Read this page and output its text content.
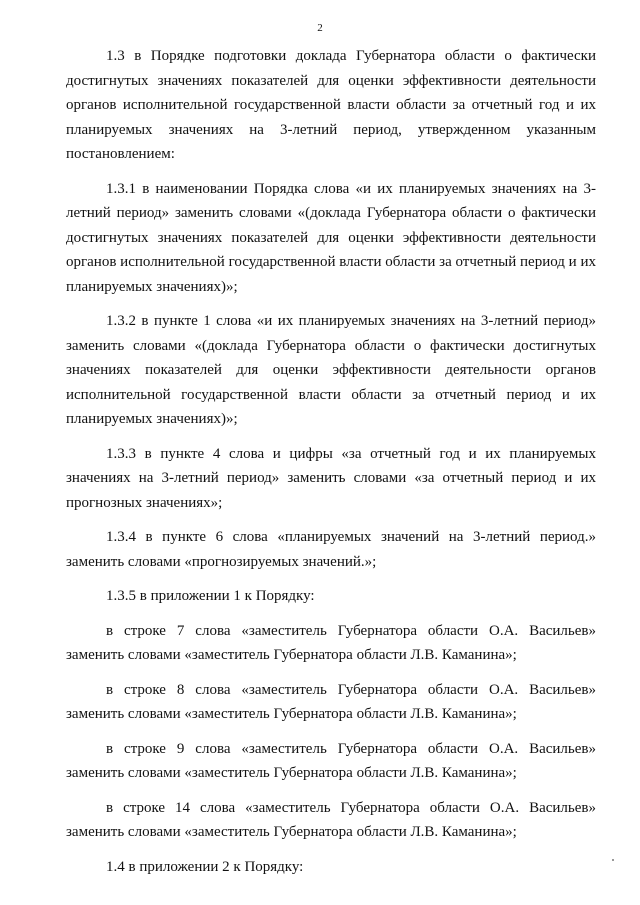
2

1.3 в Порядке подготовки доклада Губернатора области о фактически достигнутых значениях показателей для оценки эффективности деятельности органов исполнительной государственной власти области за отчетный год и их планируемых значениях на 3-летний период, утвержденном указанным постановлением:

1.3.1 в наименовании Порядка слова «и их планируемых значениях на 3-летний период» заменить словами «(доклада Губернатора области о фактически достигнутых значениях показателей для оценки эффективности деятельности органов исполнительной государственной власти области за отчетный период и их планируемых значениях)»;

1.3.2 в пункте 1 слова «и их планируемых значениях на 3-летний период» заменить словами «(доклада Губернатора области о фактически достигнутых значениях показателей для оценки эффективности деятельности органов исполнительной государственной власти области за отчетный период и их планируемых значениях)»;

1.3.3 в пункте 4 слова и цифры «за отчетный год и их планируемых значениях на 3-летний период» заменить словами «за отчетный период и их прогнозных значениях»;

1.3.4 в пункте 6 слова «планируемых значений на 3-летний период.» заменить словами «прогнозируемых значений.»;

1.3.5 в приложении 1 к Порядку:

в строке 7 слова «заместитель Губернатора области О.А. Васильев» заменить словами «заместитель Губернатора области Л.В. Каманина»;

в строке 8 слова «заместитель Губернатора области О.А. Васильев» заменить словами «заместитель Губернатора области Л.В. Каманина»;

в строке 9 слова «заместитель Губернатора области О.А. Васильев» заменить словами «заместитель Губернатора области Л.В. Каманина»;

в строке 14 слова «заместитель Губернатора области О.А. Васильев» заменить словами «заместитель Губернатора области Л.В. Каманина»;

1.4 в приложении 2 к Порядку:
